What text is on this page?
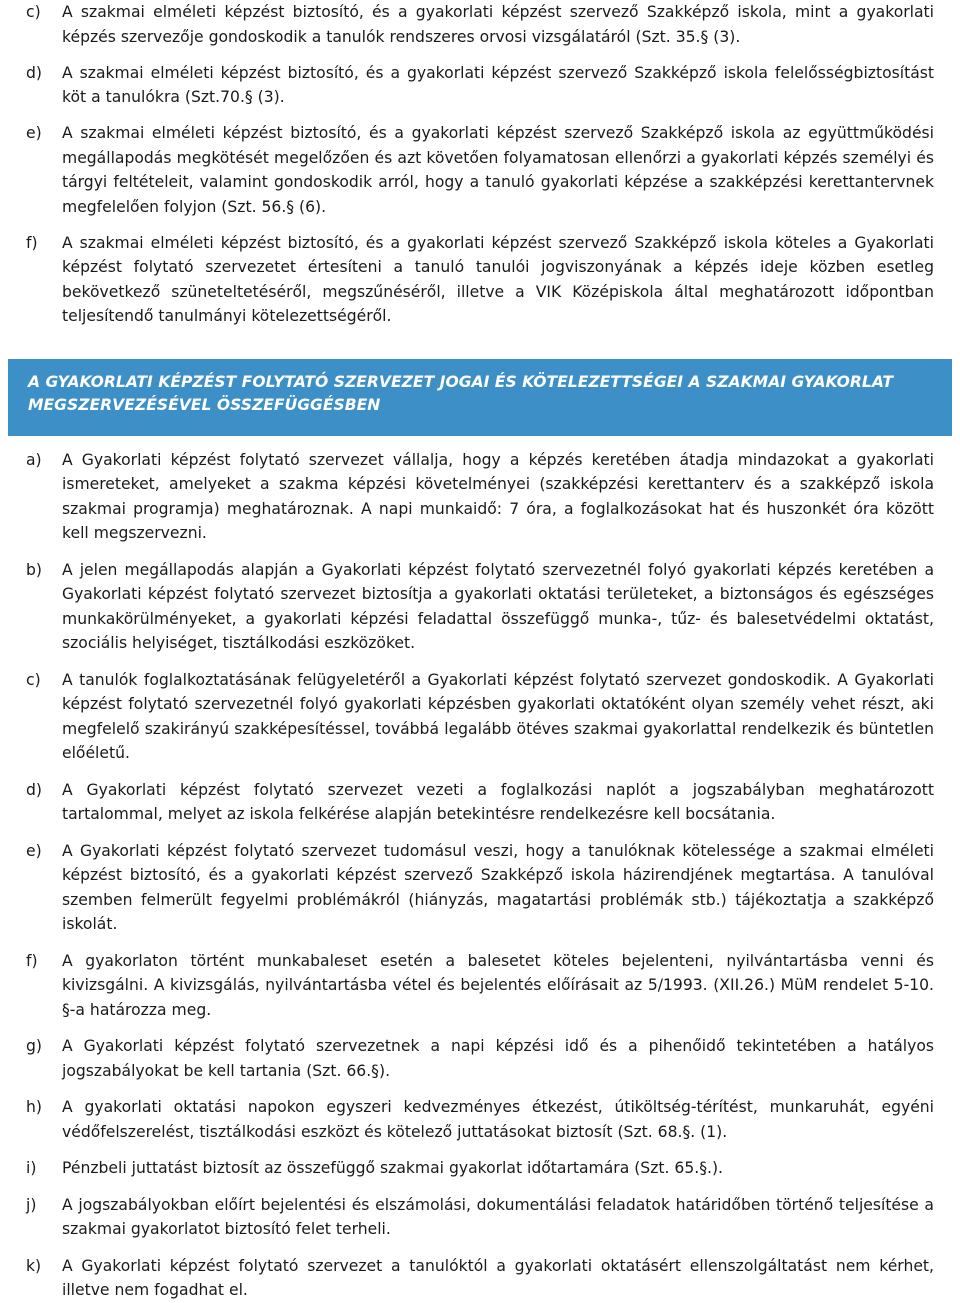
c)	A szakmai elméleti képzést biztosító, és a gyakorlati képzést szervező Szakképző iskola, mint a gyakorlati képzés szervezője gondoskodik a tanulók rendszeres orvosi vizsgálatáról (Szt. 35.§ (3).
d)	A szakmai elméleti képzést biztosító, és a gyakorlati képzést szervező Szakképző iskola felelősségbiztosítást köt a tanulókra (Szt.70.§ (3).
e)	A szakmai elméleti képzést biztosító, és a gyakorlati képzést szervező Szakképző iskola az együttműködési megállapodás megkötését megelőzően és azt követően folyamatosan ellenőrzi a gyakorlati képzés személyi és tárgyi feltételeit, valamint gondoskodik arról, hogy a tanuló gyakorlati képzése a szakképzési kerettantervnek megfelelően folyjon (Szt. 56.§ (6).
f)	A szakmai elméleti képzést biztosító, és a gyakorlati képzést szervező Szakképző iskola köteles a Gyakorlati képzést folytató szervezetet értesíteni a tanuló tanulói jogviszonyának a képzés ideje közben esetleg bekövetkező szüneteltetéséről, megszűnéséről, illetve a VIK Középiskola által meghatározott időpontban teljesítendő tanulmányi kötelezettségéről.
A GYAKORLATI KÉPZÉST FOLYTATÓ SZERVEZET JOGAI ÉS KÖTELEZETTSÉGEI A SZAKMAI GYAKORLAT MEGSZERVEZÉSÉVEL ÖSSZEFÜGGÉSBEN
a)	A Gyakorlati képzést folytató szervezet vállalja, hogy a képzés keretében átadja mindazokat a gyakorlati ismereteket, amelyeket a szakma képzési követelményei (szakképzési kerettanterv és a szakképző iskola szakmai programja) meghatároznak. A napi munkaidő: 7 óra, a foglalkozásokat hat és huszonkét óra között kell megszervezni.
b)	A jelen megállapodás alapján a Gyakorlati képzést folytató szervezetnél folyó gyakorlati képzés keretében a Gyakorlati képzést folytató szervezet biztosítja a gyakorlati oktatási területeket, a biztonságos és egészséges munkakörülményeket, a gyakorlati képzési feladattal összefüggő munka-, tűz- és balesetvédelmi oktatást, szociális helyiséget, tisztálkodási eszközöket.
c)	A tanulók foglalkoztatásának felügyeletéről a Gyakorlati képzést folytató szervezet gondoskodik. A Gyakorlati képzést folytató szervezetnél folyó gyakorlati képzésben gyakorlati oktatóként olyan személy vehet részt, aki megfelelő szakirányú szakképesítéssel, továbbá legalább ötéves szakmai gyakorlattal rendelkezik és büntetlen előéletű.
d)	A Gyakorlati képzést folytató szervezet vezeti a foglalkozási naplót a jogszabályban meghatározott tartalommal, melyet az iskola felkérése alapján betekintésre rendelkezésre kell bocsátania.
e)	A Gyakorlati képzést folytató szervezet tudomásul veszi, hogy a tanulóknak kötelessége a szakmai elméleti képzést biztosító, és a gyakorlati képzést szervező Szakképző iskola házirendjének megtartása. A tanulóval szemben felmerült fegyelmi problémákról (hiányzás, magatartási problémák stb.) tájékoztatja a szakképző iskolát.
f)	A gyakorlaton történt munkabaleset esetén a balesetet köteles bejelenteni, nyilvántartásba venni és kivizsgálni. A kivizsgálás, nyilvántartásba vétel és bejelentés előírásait az 5/1993. (XII.26.) MüM rendelet 5-10. §-a határozza meg.
g)	A Gyakorlati képzést folytató szervezetnek a napi képzési idő és a pihenőidő tekintetében a hatályos jogszabályokat be kell tartania (Szt. 66.§).
h)	A gyakorlati oktatási napokon egyszeri kedvezményes étkezést, útiköltség-térítést, munkaruhát, egyéni védőfelszerelést, tisztálkodási eszközt és kötelező juttatásokat biztosít (Szt. 68.§. (1).
i)	Pénzbeli juttatást biztosít az összefüggő szakmai gyakorlat időtartamára (Szt. 65.§.).
j)	A jogszabályokban előírt bejelentési és elszámolási, dokumentálási feladatok határidőben történő teljesítése a szakmai gyakorlatot biztosító felet terheli.
k)	A Gyakorlati képzést folytató szervezet a tanulóktól a gyakorlati oktatásért ellenszolgáltatást nem kérhet, illetve nem fogadhat el.
